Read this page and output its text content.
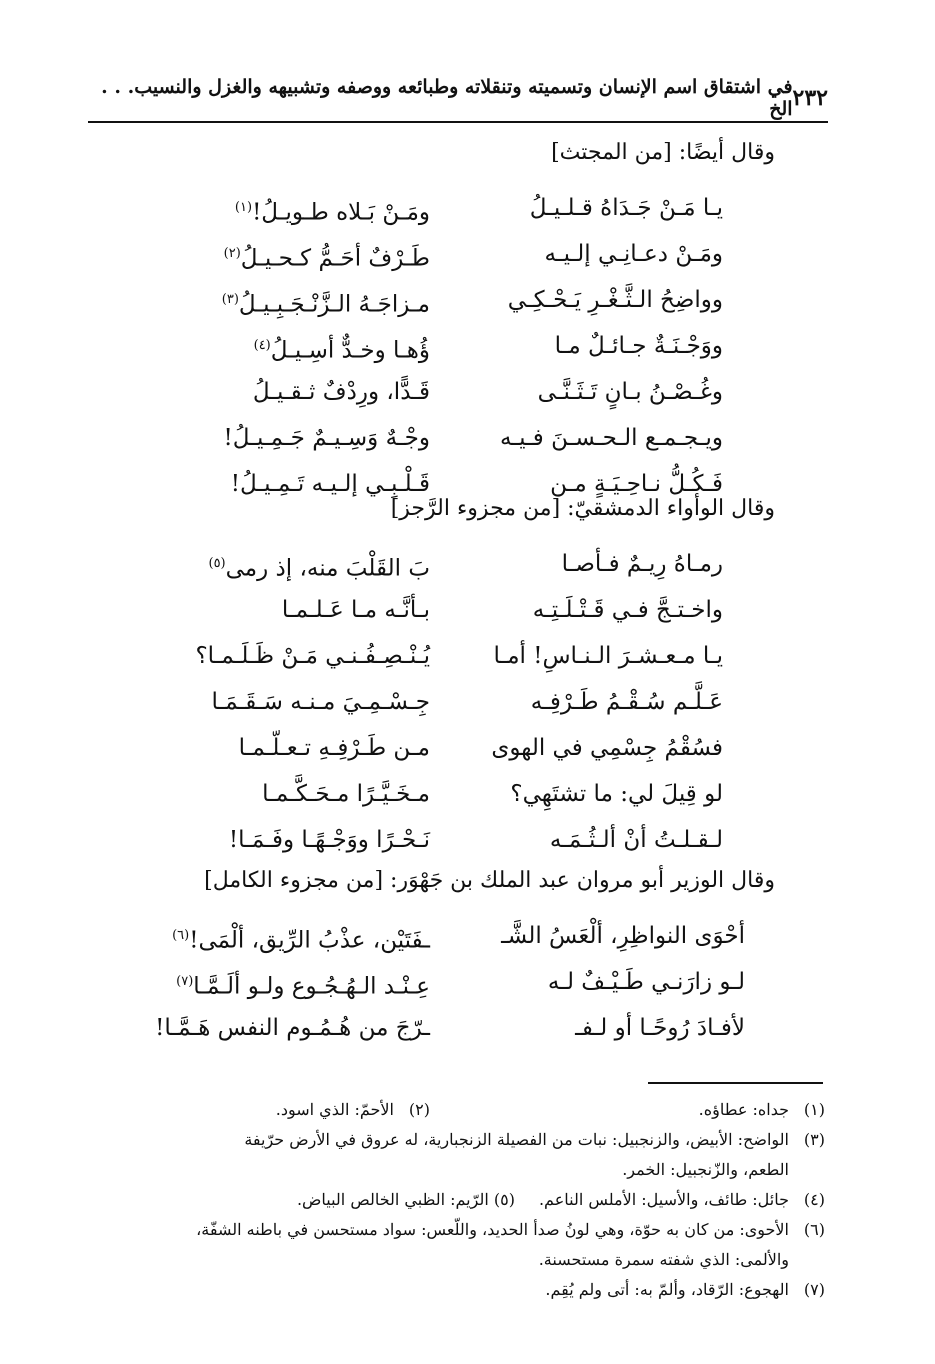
٢٣٢
في اشتقاق اسم الإنسان وتسميته وتنقلاته وطبائعه ووصفه وتشبيهه والغزل والنسيب. . . الخ
وقال أيضًا: [من المجتث]
يـا مَـنْ جَـدَاهُ قـلـيـلُ
ومَـنْ بَـلاه طـويـلُ!$^{(١)}$
ومَـنْ دعـانِـي إلـيـه
طَـرْفٌ أحَـمُّ كـحـيـلُ$^{(٢)}$
وواضِحُ الـثَّـغْـرِ يَـحْـكِـي
مـزاجَـهُ الـزَّنْـجَـبِـيـلُ$^{(٣)}$
ووَجْـنَـةٌ جـائـلٌ مـا
ؤُهـا وخـدٌّ أسِـيـلُ$^{(٤)}$
وغُـصْـنُ بـانٍ تَـثَـنَّـى
قَـدًّا، ورِدْفٌ ثـقـيـلُ
ويـجـمـع الـحـسـنَ فـيـه
وجْـهٌ وَسِـيـمٌ جَـمِـيـلُ!
فَـكُـلُّ نـاحِـيَـةٍ مـن
قَـلْـبِـي إلـيـه تَـمِـيـلُ!
وقال الوأواء الدمشقيّ: [من مجزوء الرَّجز]
رمـاهُ رِيـمٌ فـأصـا
بَ القَلْبَ منه، إذ رمى$^{(٥)}$
واخـتـجَّ فـي قَـتْـلَـتِـه
بـأنَّـه مـا عَـلـمـا
يـا مـعـشـرَ الـنـاسِ! أمـا
يُـنْـصِـفُـنـي مَـنْ ظَـلَـمـا؟
عَـلَّـم سُـقْـمُ طَـرْفِـه
جِـسْـمِـيَ مـنـه سَـقَـمَـا
فسُقْمُ جِسْمِي في الهوى
مـن طَـرْفِـهِ تـعـلّـمـا
لو قِيلَ لي: ما تشتَهِي؟
مـخَـيَّـرًا مـحَـكَّـمـا
لـقـلـتُ أنْ ألـثُـمَـه
نَـحْـرًا ووَجْـهًـا وفَـمَـا!
وقال الوزير أبو مروان عبد الملك بن جَهْوَر: [من مجزوء الكامل]
أحْوَى النواظِرِ، ألْعَسُ الشَّـ
ـفَتَيْن، عذْبُ الرِّيق، ألْمَى!$^{(٦)}$
لـو زارَنـي طَـيْـفٌ لـه
عِـنْـد الـهُـجُـوع ولـو ألَـمَّـا$^{(٧)}$
لأفـادَ رُوحًـا أو لـفـ
ـرّجَ من هُـمُـوم النفس هَـمَّـا!
(١)جداه: عطاؤه.
(٢)الأحمّ: الذي اسود.
(٣)الواضح: الأبيض، والزنجبيل: نبات من الفصيلة الزنجبارية، له عروق في الأرض حرّيفة
الطعم، والزّنجبيل: الخمر.
(٤)جائل: طائف، والأسيل: الأملس الناعم.(٥) الرّيم: الظبي الخالص البياض.
(٦)الأحوى: من كان به حوّة، وهي لونُ صدأ الحديد، واللّعس: سواد مستحسن في باطنه الشفّة،
والألمى: الذي شفته سمرة مستحسنة.
(٧)الهجوع: الرّقاد، وألمّ به: أتى ولم يُقِم.
